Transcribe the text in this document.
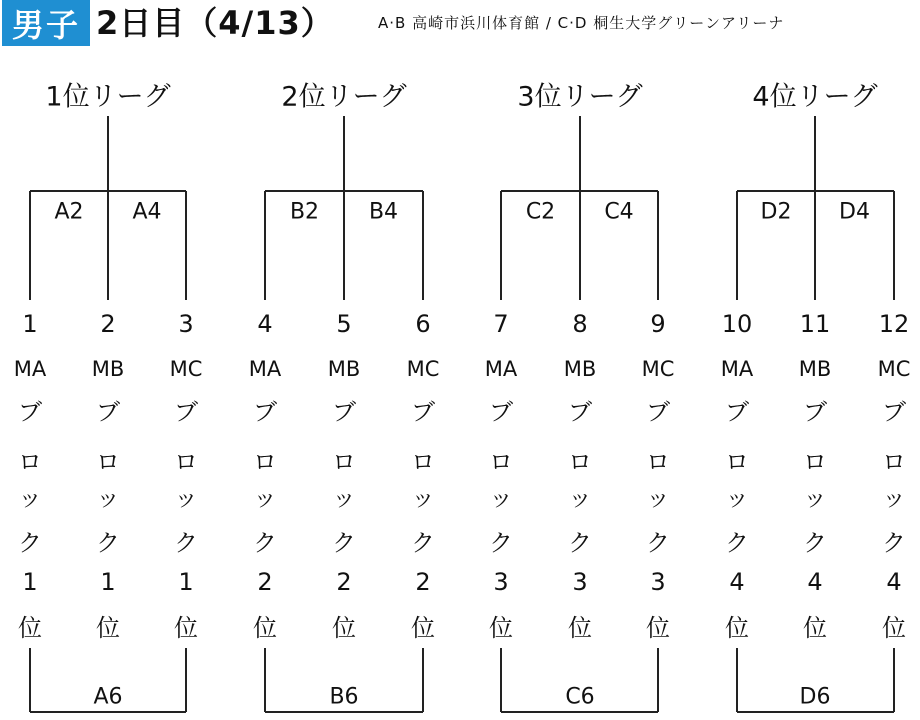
男子 2日目（4/13）	A·B 高崎市浜川体育館 / C·D 桐生大学グリーンアリーナ
1位リーグ
A2 A4
A6
2位リーグ
B2 B4
B6
3位リーグ
C2 C4
C6
4位リーグ
D2 D4
D6
1
MA
ブ
ロ
ッ
ク
1
位
2
MB
ブ
ロ
ッ
ク
1
位
3
MC
ブ
ロ
ッ
ク
1
位
4
MA
ブ
ロ
ッ
ク
2
位
5
MB
ブ
ロ
ッ
ク
2
位
6
MC
ブ
ロ
ッ
ク
2
位
7
MA
ブ
ロ
ッ
ク
3
位
8
MB
ブ
ロ
ッ
ク
3
位
9
MC
ブ
ロ
ッ
ク
3
位
10
MA
ブ
ロ
ッ
ク
4
位
11
MB
ブ
ロ
ッ
ク
4
位
12
MC
ブ
ロ
ッ
ク
4
位
